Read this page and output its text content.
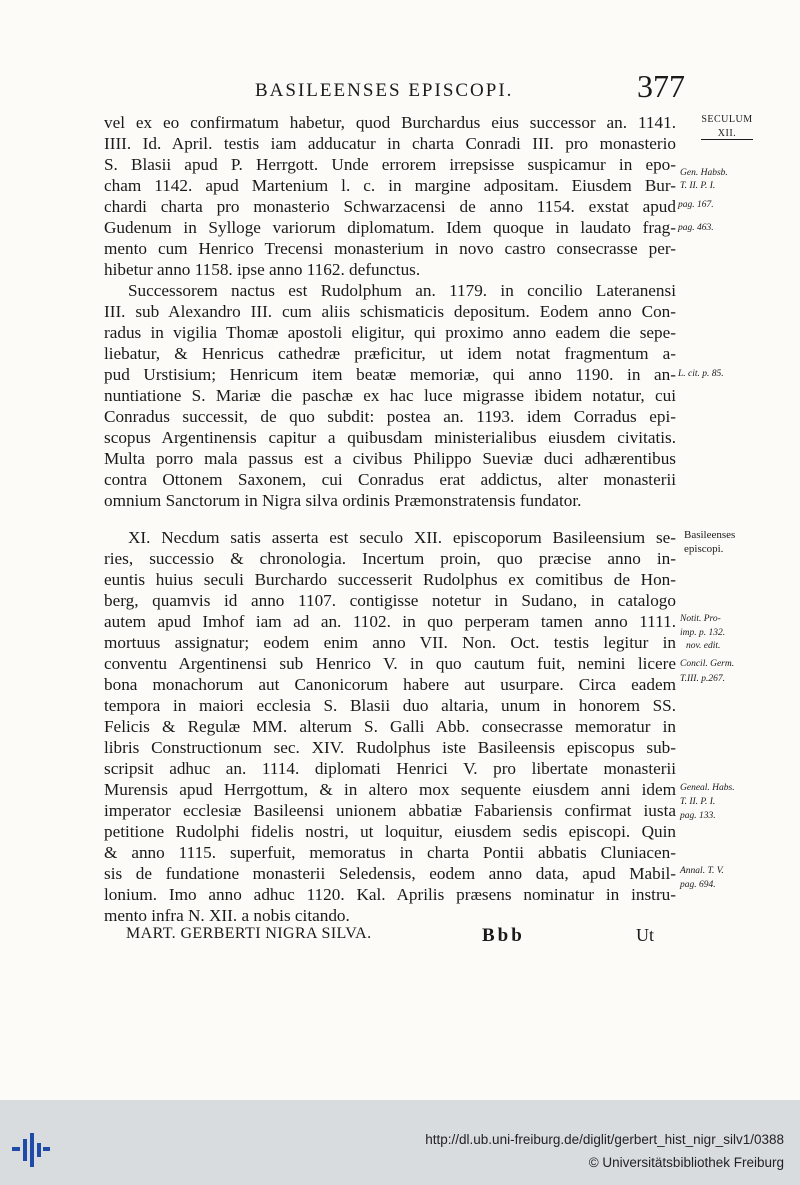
BASILEENSES EPISCOPI.	377
SECULUM
XII.
vel ex eo confirmatum habetur, quod Burchardus eius successor an. 1141.
IIII. Id. April. testis iam adducatur in charta Conradi III. pro monasterio
S. Blasii apud P. Herrgott. Unde errorem irrepsisse suspicamur in epo-
cham 1142. apud Martenium l. c. in margine adpositam. Eiusdem Bur-
chardi charta pro monasterio Schwarzacensi de anno 1154. exstat apud
Gudenum in Sylloge variorum diplomatum. Idem quoque in laudato frag-
mento cum Henrico Trecensi monasterium in novo castro consecrasse per-
hibetur anno 1158. ipse anno 1162. defunctus.
Successorem nactus est Rudolphum an. 1179. in concilio Lateranensi
III. sub Alexandro III. cum aliis schismaticis depositum. Eodem anno Con-
radus in vigilia Thomæ apostoli eligitur, qui proximo anno eadem die sepe-
liebatur, & Henricus cathedræ præficitur, ut idem notat fragmentum a-
pud Urstisium; Henricum item beatæ memoriæ, qui anno 1190. in an-
nuntiatione S. Mariæ die paschæ ex hac luce migrasse ibidem notatur, cui
Conradus successit, de quo subdit: postea an. 1193. idem Corradus epi-
scopus Argentinensis capitur a quibusdam ministerialibus eiusdem civitatis.
Multa porro mala passus est a civibus Philippo Sueviæ duci adhærentibus
contra Ottonem Saxonem, cui Conradus erat addictus, alter monasterii
omnium Sanctorum in Nigra silva ordinis Præmonstratensis fundator.
XI. Necdum satis asserta est seculo XII. episcoporum Basileensium se-
ries, successio & chronologia. Incertum proin, quo præcise anno in-
euntis huius seculi Burchardo successerit Rudolphus ex comitibus de Hon-
berg, quamvis id anno 1107. contigisse notetur in Sudano, in catalogo
autem apud Imhof iam ad an. 1102. in quo perperam tamen anno 1111.
mortuus assignatur; eodem enim anno VII. Non. Oct. testis legitur in
conventu Argentinensi sub Henrico V. in quo cautum fuit, nemini licere
bona monachorum aut Canonicorum habere aut usurpare. Circa eadem
tempora in maiori ecclesia S. Blasii duo altaria, unum in honorem SS.
Felicis & Regulæ MM. alterum S. Galli Abb. consecrasse memoratur in
libris Constructionum sec. XIV. Rudolphus iste Basileensis episcopus sub-
scripsit adhuc an. 1114. diplomati Henrici V. pro libertate monasterii
Murensis apud Herrgottum, & in altero mox sequente eiusdem anni idem
imperator ecclesiæ Basileensi unionem abbatiæ Fabariensis confirmat iusta
petitione Rudolphi fidelis nostri, ut loquitur, eiusdem sedis episcopi. Quin
& anno 1115. superfuit, memoratus in charta Pontii abbatis Cluniacen-
sis de fundatione monasterii Seledensis, eodem anno data, apud Mabil-
lonium. Imo anno adhuc 1120. Kal. Aprilis præsens nominatur in instru-
mento infra N. XII. a nobis citando.
Gen. Habsb.
T. II. P. I.
pag. 167.
pag. 463.
L. cit. p. 85.
Basileenses
episcopi.
Notit. Pro-
imp. p. 132.
nov. edit.
Concil. Germ.
T.III. p.267.
Geneal. Habs.
T. II. P. I.
pag. 133.
Annal. T. V.
pag. 694.
MART. GERBERTI NIGRA SILVA.	Bbb	Ut
http://dl.ub.uni-freiburg.de/diglit/gerbert_hist_nigr_silv1/0388
© Universitätsbibliothek Freiburg
